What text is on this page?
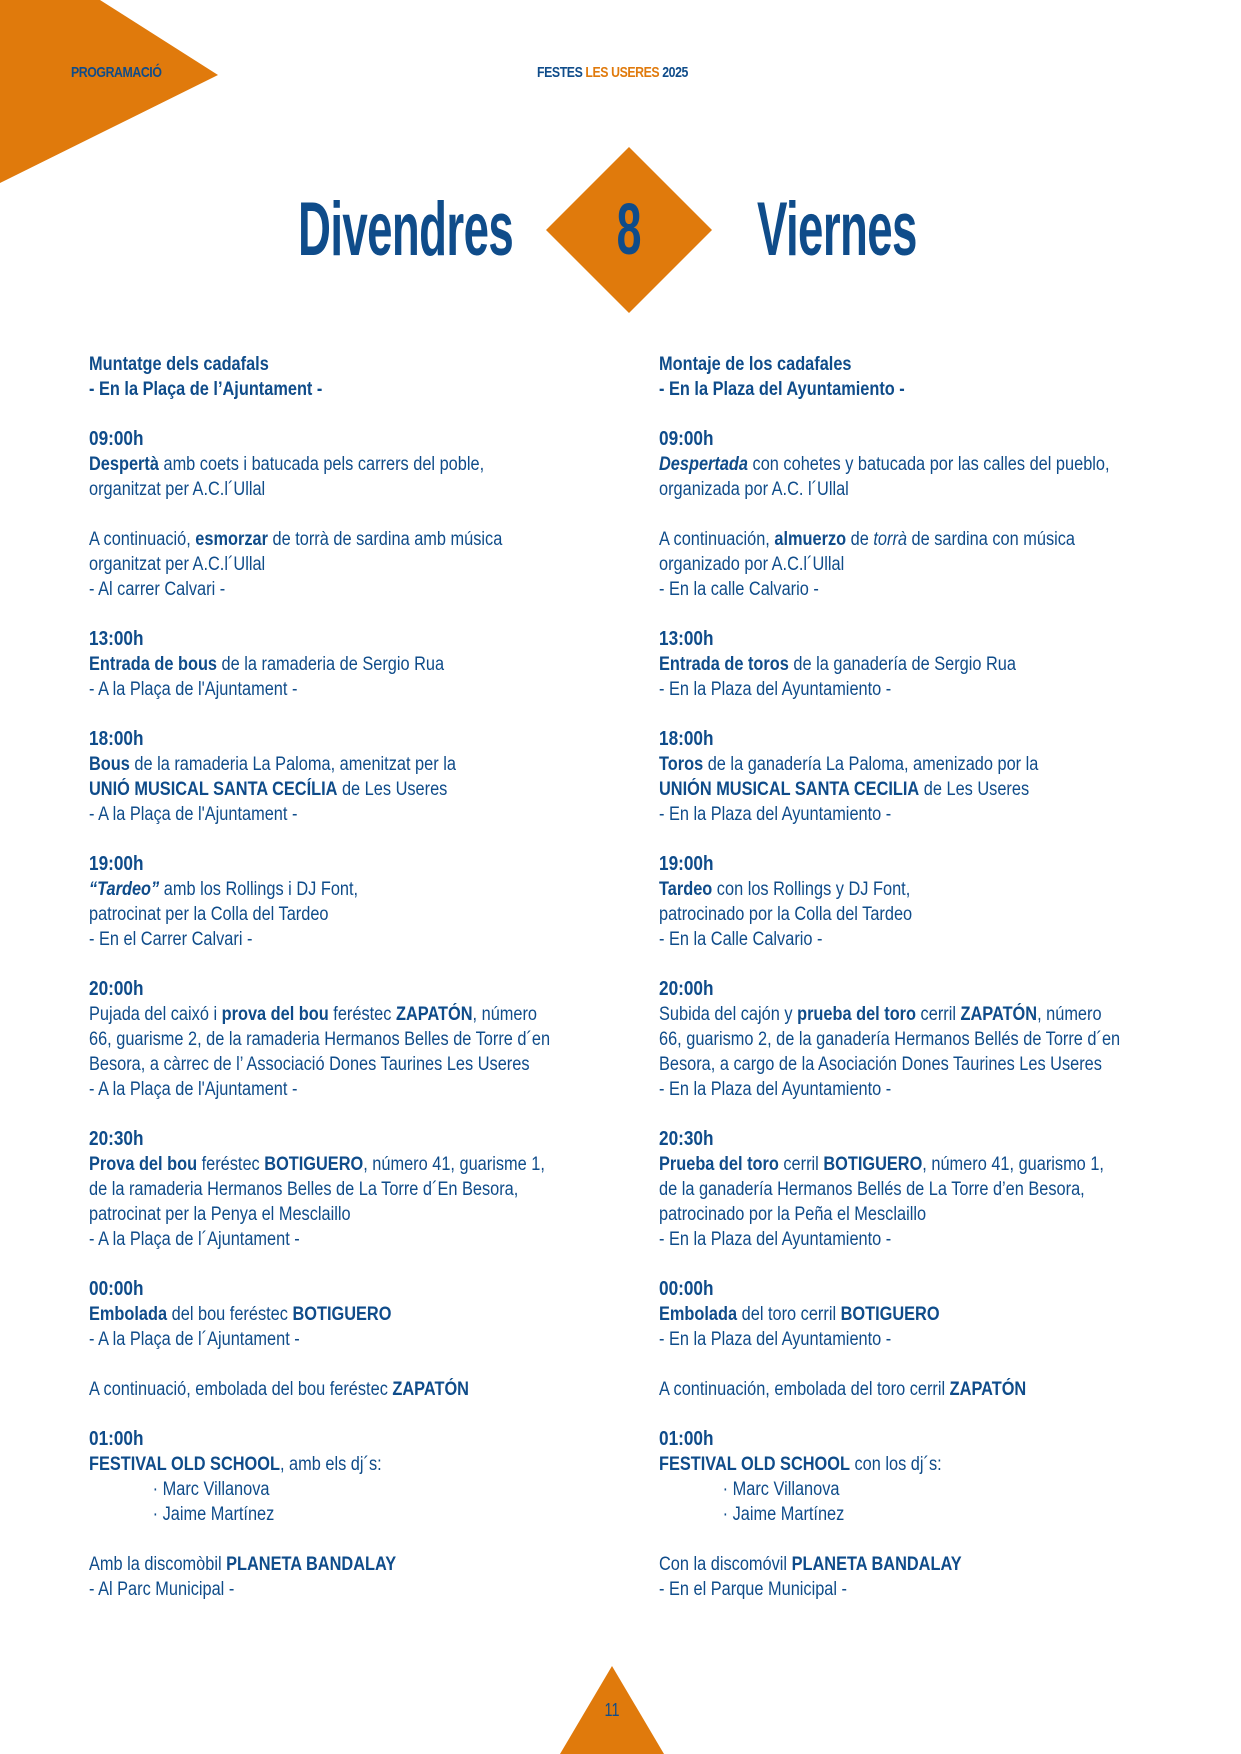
PROGRAMACIÓ	FESTES LES USERES 2025
Divendres	8	Viernes
Muntatge dels cadafals
- En la Plaça de l’Ajuntament -
09:00h
Despertà amb coets i batucada pels carrers del poble,
organitzat per A.C.l´Ullal
A continuació, esmorzar de torrà de sardina amb música
organitzat per A.C.l´Ullal
- Al carrer Calvari -
13:00h
Entrada de bous de la ramaderia de Sergio Rua
- A la Plaça de l'Ajuntament -
18:00h
Bous de la ramaderia La Paloma, amenitzat per la
UNIÓ MUSICAL SANTA CECÍLIA de Les Useres
- A la Plaça de l'Ajuntament -
19:00h
“Tardeo” amb los Rollings i DJ Font,
patrocinat per la Colla del Tardeo
- En el Carrer Calvari -
20:00h
Pujada del caixó i prova del bou feréstec ZAPATÓN, número
66, guarisme 2, de la ramaderia Hermanos Belles de Torre d´en
Besora, a càrrec de l’ Associació Dones Taurines Les Useres
- A la Plaça de l'Ajuntament -
20:30h
Prova del bou feréstec BOTIGUERO, número 41, guarisme 1,
de la ramaderia Hermanos Belles de La Torre d´En Besora,
patrocinat per la Penya el Mesclaillo
- A la Plaça de l´Ajuntament -
00:00h
Embolada del bou feréstec BOTIGUERO
- A la Plaça de l´Ajuntament -
A continuació, embolada del bou feréstec ZAPATÓN
01:00h
FESTIVAL OLD SCHOOL, amb els dj´s:
· Marc Villanova
· Jaime Martínez
Amb la discomòbil PLANETA BANDALAY
- Al Parc Municipal -
Montaje de los cadafales
- En la Plaza del Ayuntamiento -
09:00h
Despertada con cohetes y batucada por las calles del pueblo,
organizada por A.C. l´Ullal
A continuación, almuerzo de torrà de sardina con música
organizado por A.C.l´Ullal
- En la calle Calvario -
13:00h
Entrada de toros de la ganadería de Sergio Rua
- En la Plaza del Ayuntamiento -
18:00h
Toros de la ganadería La Paloma, amenizado por la
UNIÓN MUSICAL SANTA CECILIA de Les Useres
- En la Plaza del Ayuntamiento -
19:00h
Tardeo con los Rollings y DJ Font,
patrocinado por la Colla del Tardeo
- En la Calle Calvario -
20:00h
Subida del cajón y prueba del toro cerril ZAPATÓN, número
66, guarismo 2, de la ganadería Hermanos Bellés de Torre d´en
Besora, a cargo de la Asociación Dones Taurines Les Useres
- En la Plaza del Ayuntamiento -
20:30h
Prueba del toro cerril BOTIGUERO, número 41, guarismo 1,
de la ganadería Hermanos Bellés de La Torre d’en Besora,
patrocinado por la Peña el Mesclaillo
- En la Plaza del Ayuntamiento -
00:00h
Embolada del toro cerril BOTIGUERO
- En la Plaza del Ayuntamiento -
A continuación, embolada del toro cerril ZAPATÓN
01:00h
FESTIVAL OLD SCHOOL con los dj´s:
· Marc Villanova
· Jaime Martínez
Con la discomóvil PLANETA BANDALAY
- En el Parque Municipal -
11
